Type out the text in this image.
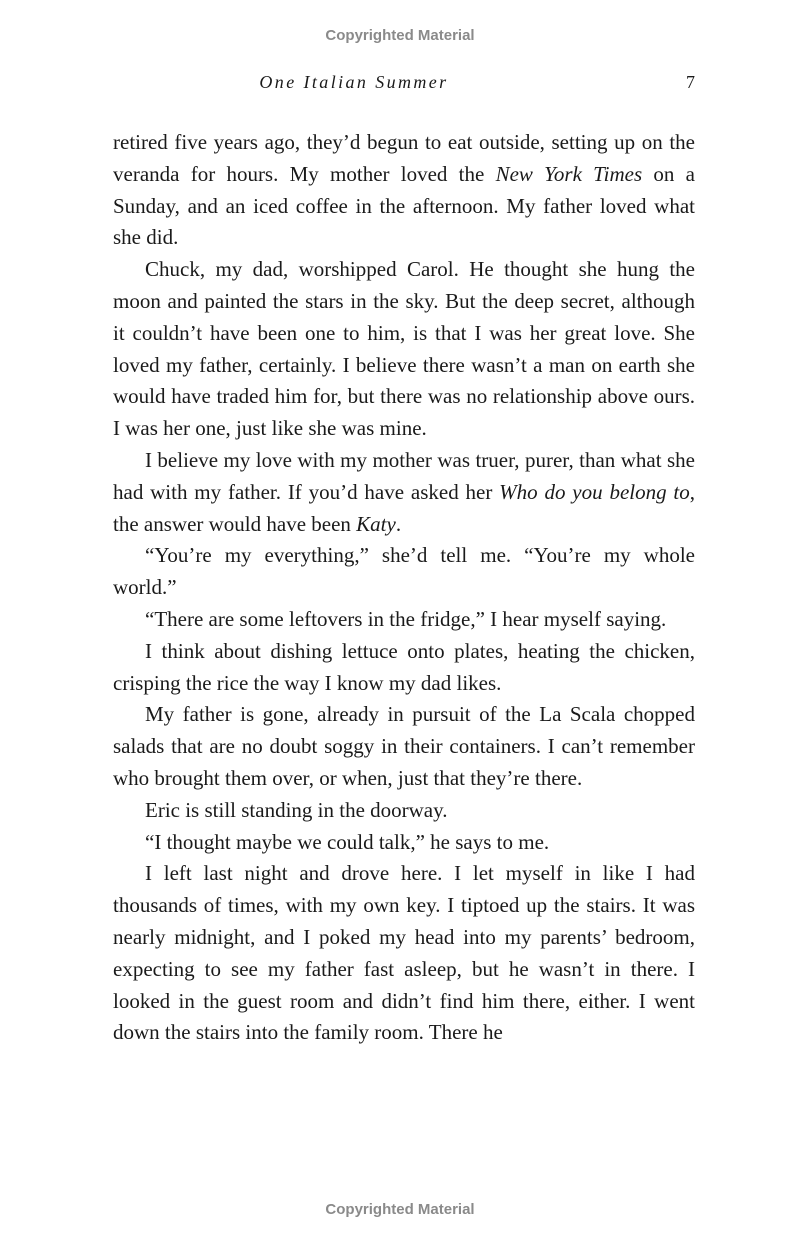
Copyrighted Material
One Italian Summer	7

retired five years ago, they’d begun to eat outside, setting up on the veranda for hours. My mother loved the New York Times on a Sunday, and an iced coffee in the afternoon. My father loved what she did.

Chuck, my dad, worshipped Carol. He thought she hung the moon and painted the stars in the sky. But the deep secret, although it couldn’t have been one to him, is that I was her great love. She loved my father, certainly. I believe there wasn’t a man on earth she would have traded him for, but there was no relationship above ours. I was her one, just like she was mine.

I believe my love with my mother was truer, purer, than what she had with my father. If you’d have asked her Who do you belong to, the answer would have been Katy.

“You’re my everything,” she’d tell me. “You’re my whole world.”

“There are some leftovers in the fridge,” I hear myself saying.

I think about dishing lettuce onto plates, heating the chicken, crisping the rice the way I know my dad likes.

My father is gone, already in pursuit of the La Scala chopped salads that are no doubt soggy in their containers. I can’t remember who brought them over, or when, just that they’re there.

Eric is still standing in the doorway.

“I thought maybe we could talk,” he says to me.

I left last night and drove here. I let myself in like I had thousands of times, with my own key. I tiptoed up the stairs. It was nearly midnight, and I poked my head into my parents’ bedroom, expecting to see my father fast asleep, but he wasn’t in there. I looked in the guest room and didn’t find him there, either. I went down the stairs into the family room. There he

Copyrighted Material
